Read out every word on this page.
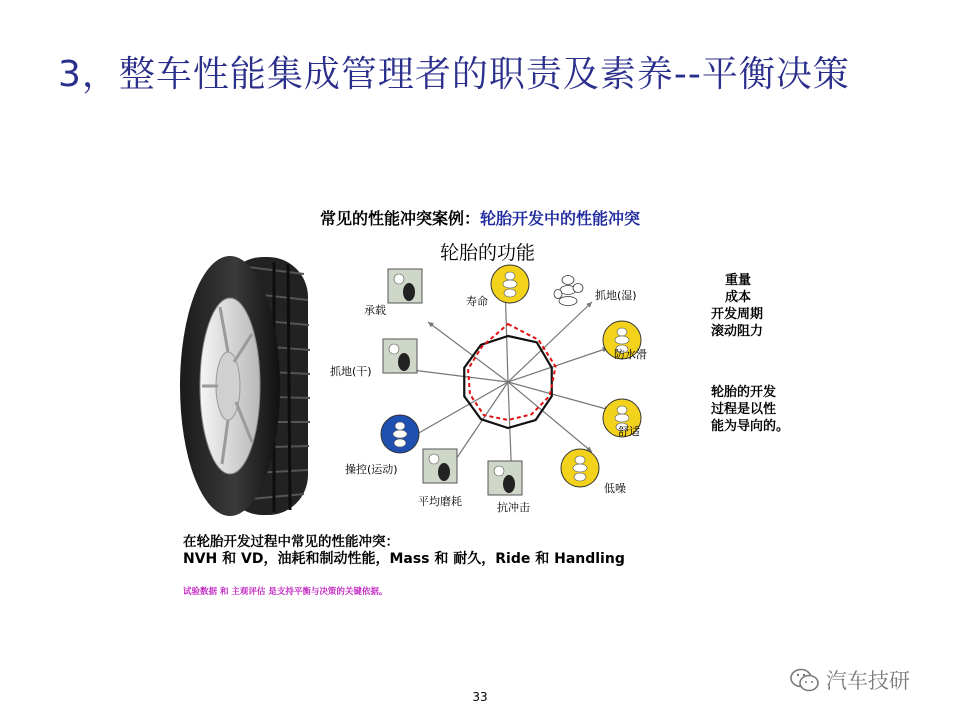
3，整车性能集成管理者的职责及素养--平衡决策
常见的性能冲突案例：轮胎开发中的性能冲突
轮胎的功能
寿命	抓地(湿)
防水滑
舒适
低噪
抗冲击
平均磨耗
操控(运动)
抓地(干)
承载
重量
成本
开发周期
滚动阻力
轮胎的开发
过程是以性
能为导向的。
在轮胎开发过程中常见的性能冲突：
NVH 和 VD，油耗和制动性能，Mass 和 耐久，Ride 和 Handling
试验数据 和 主观评估 是支持平衡与决策的关键依据。
33
汽车技研
